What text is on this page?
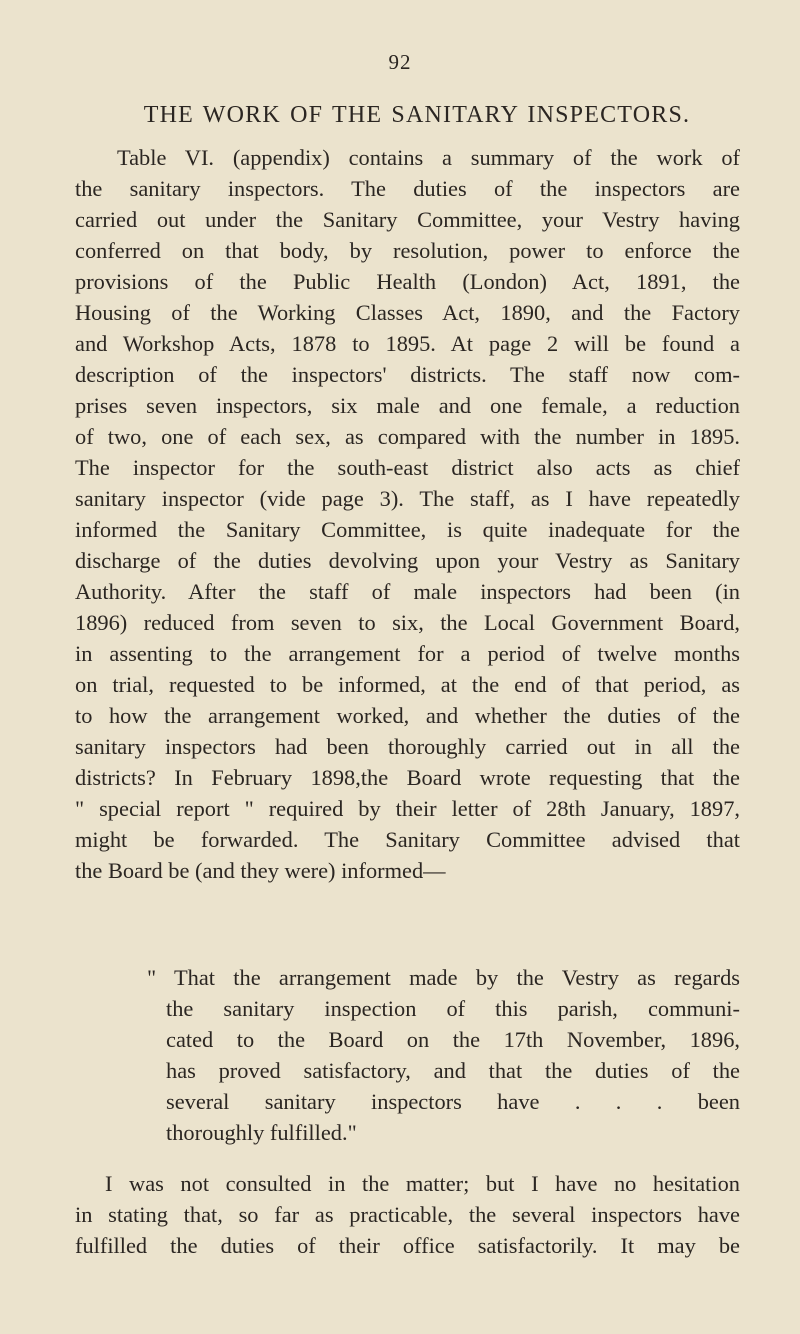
92
THE WORK OF THE SANITARY INSPECTORS.
Table VI. (appendix) contains a summary of the work of
the sanitary inspectors. The duties of the inspectors are
carried out under the Sanitary Committee, your Vestry having
conferred on that body, by resolution, power to enforce the
provisions of the Public Health (London) Act, 1891, the
Housing of the Working Classes Act, 1890, and the Factory
and Workshop Acts, 1878 to 1895. At page 2 will be found a
description of the inspectors' districts. The staff now com-
prises seven inspectors, six male and one female, a reduction
of two, one of each sex, as compared with the number in 1895.
The inspector for the south-east district also acts as chief
sanitary inspector (vide page 3). The staff, as I have repeatedly
informed the Sanitary Committee, is quite inadequate for the
discharge of the duties devolving upon your Vestry as Sanitary
Authority. After the staff of male inspectors had been (in
1896) reduced from seven to six, the Local Government Board,
in assenting to the arrangement for a period of twelve months
on trial, requested to be informed, at the end of that period, as
to how the arrangement worked, and whether the duties of the
sanitary inspectors had been thoroughly carried out in all the
districts? In February 1898,the Board wrote requesting that the
" special report " required by their letter of 28th January, 1897,
might be forwarded. The Sanitary Committee advised that
the Board be (and they were) informed—
" That the arrangement made by the Vestry as regards
the sanitary inspection of this parish, communi-
cated to the Board on the 17th November, 1896,
has proved satisfactory, and that the duties of the
several sanitary inspectors have . . . been
thoroughly fulfilled."
I was not consulted in the matter; but I have no hesitation
in stating that, so far as practicable, the several inspectors have
fulfilled the duties of their office satisfactorily. It may be
